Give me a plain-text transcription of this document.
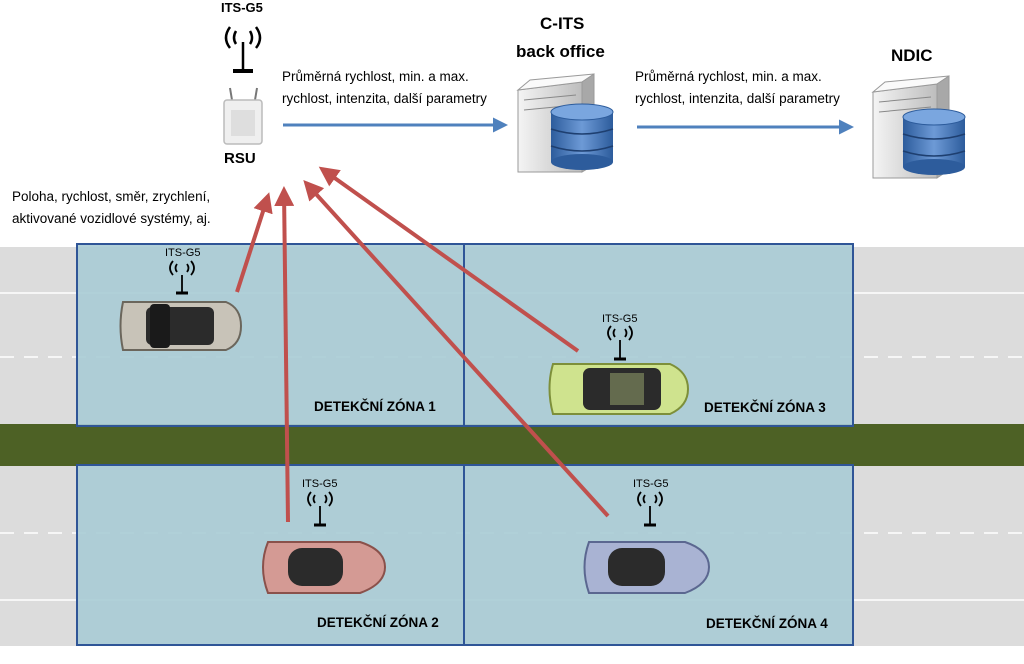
ITS-G5
RSU
C-ITS
back office	NDIC
Průměrná rychlost, min. a max.
rychlost, intenzita, další parametry
Průměrná rychlost, min. a max.
rychlost, intenzita, další parametry
Poloha, rychlost, směr, zrychlení,
aktivované vozidlové systémy, aj.
ITS-G5
ITS-G5
ITS-G5	ITS-G5
DETEKČNÍ ZÓNA 1	DETEKČNÍ ZÓNA 3
DETEKČNÍ ZÓNA 2	DETEKČNÍ ZÓNA 4
